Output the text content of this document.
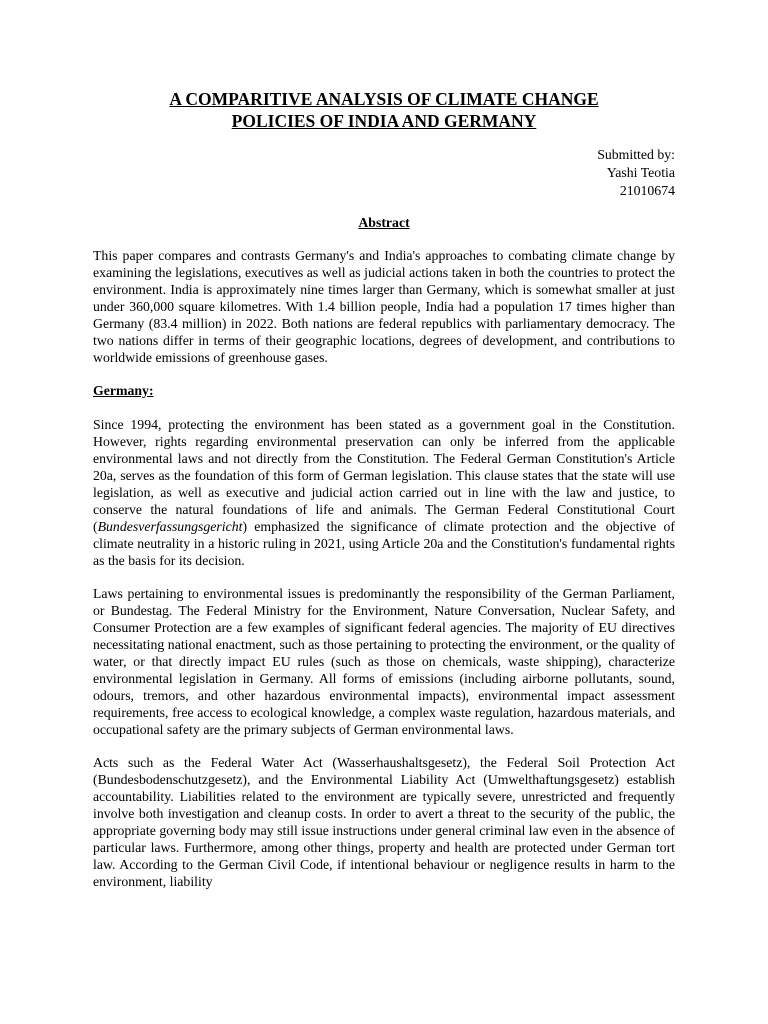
A COMPARITIVE ANALYSIS OF CLIMATE CHANGE
POLICIES OF INDIA AND GERMANY
Submitted by:
Yashi Teotia
21010674
Abstract

This paper compares and contrasts Germany's and India's approaches to combating climate change by examining the legislations, executives as well as judicial actions taken in both the countries to protect the environment. India is approximately nine times larger than Germany, which is somewhat smaller at just under 360,000 square kilometres. With 1.4 billion people, India had a population 17 times higher than Germany (83.4 million) in 2022. Both nations are federal republics with parliamentary democracy. The two nations differ in terms of their geographic locations, degrees of development, and contributions to worldwide emissions of greenhouse gases.

Germany:

Since 1994, protecting the environment has been stated as a government goal in the Constitution. However, rights regarding environmental preservation can only be inferred from the applicable environmental laws and not directly from the Constitution. The Federal German Constitution's Article 20a, serves as the foundation of this form of German legislation. This clause states that the state will use legislation, as well as executive and judicial action carried out in line with the law and justice, to conserve the natural foundations of life and animals. The German Federal Constitutional Court (Bundesverfassungsgericht) emphasized the significance of climate protection and the objective of climate neutrality in a historic ruling in 2021, using Article 20a and the Constitution's fundamental rights as the basis for its decision.

Laws pertaining to environmental issues is predominantly the responsibility of the German Parliament, or Bundestag. The Federal Ministry for the Environment, Nature Conversation, Nuclear Safety, and Consumer Protection are a few examples of significant federal agencies. The majority of EU directives necessitating national enactment, such as those pertaining to protecting the environment, or the quality of water, or that directly impact EU rules (such as those on chemicals, waste shipping), characterize environmental legislation in Germany. All forms of emissions (including airborne pollutants, sound, odours, tremors, and other hazardous environmental impacts), environmental impact assessment requirements, free access to ecological knowledge, a complex waste regulation, hazardous materials, and occupational safety are the primary subjects of German environmental laws.

Acts such as the Federal Water Act (Wasserhaushaltsgesetz), the Federal Soil Protection Act (Bundesbodenschutzgesetz), and the Environmental Liability Act (Umwelthaftungsgesetz) establish accountability. Liabilities related to the environment are typically severe, unrestricted and frequently involve both investigation and cleanup costs. In order to avert a threat to the security of the public, the appropriate governing body may still issue instructions under general criminal law even in the absence of particular laws. Furthermore, among other things, property and health are protected under German tort law. According to the German Civil Code, if intentional behaviour or negligence results in harm to the environment, liability
